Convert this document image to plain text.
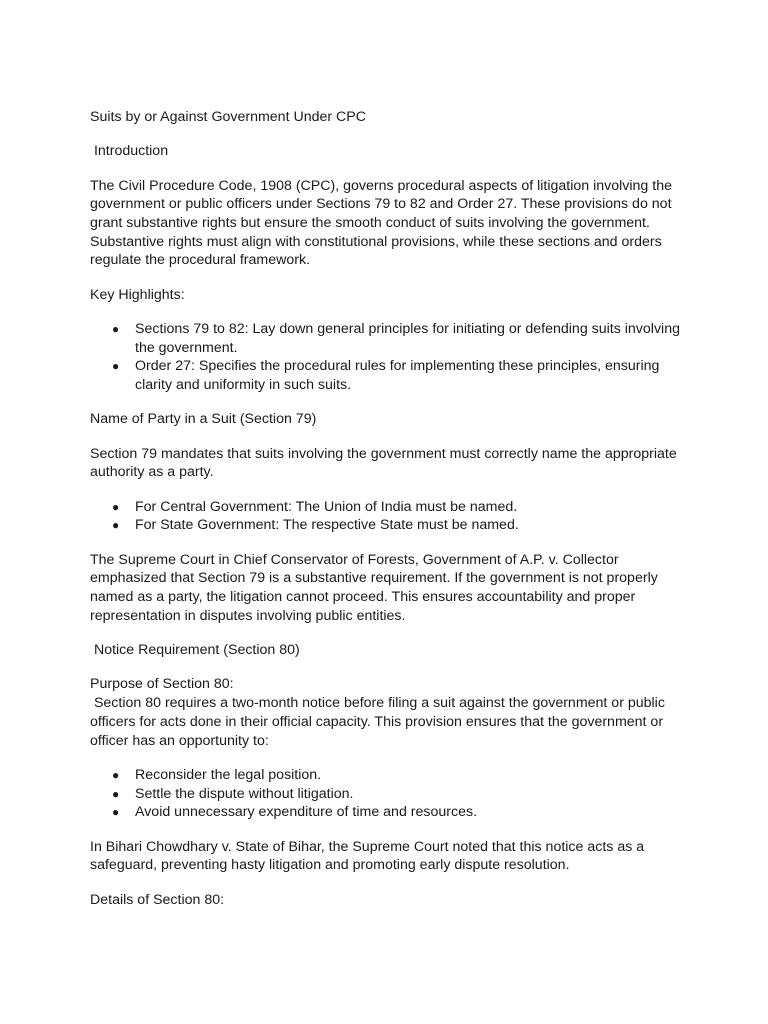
Suits by or Against Government Under CPC

Introduction

The Civil Procedure Code, 1908 (CPC), governs procedural aspects of litigation involving the government or public officers under Sections 79 to 82 and Order 27. These provisions do not grant substantive rights but ensure the smooth conduct of suits involving the government. Substantive rights must align with constitutional provisions, while these sections and orders regulate the procedural framework.

Key Highlights:

● Sections 79 to 82: Lay down general principles for initiating or defending suits involving the government.
● Order 27: Specifies the procedural rules for implementing these principles, ensuring clarity and uniformity in such suits.

Name of Party in a Suit (Section 79)

Section 79 mandates that suits involving the government must correctly name the appropriate authority as a party.

● For Central Government: The Union of India must be named.
● For State Government: The respective State must be named.

The Supreme Court in Chief Conservator of Forests, Government of A.P. v. Collector emphasized that Section 79 is a substantive requirement. If the government is not properly named as a party, the litigation cannot proceed. This ensures accountability and proper representation in disputes involving public entities.

Notice Requirement (Section 80)

Purpose of Section 80:

Section 80 requires a two-month notice before filing a suit against the government or public officers for acts done in their official capacity. This provision ensures that the government or officer has an opportunity to:

● Reconsider the legal position.
● Settle the dispute without litigation.
● Avoid unnecessary expenditure of time and resources.

In Bihari Chowdhary v. State of Bihar, the Supreme Court noted that this notice acts as a safeguard, preventing hasty litigation and promoting early dispute resolution.

Details of Section 80:
